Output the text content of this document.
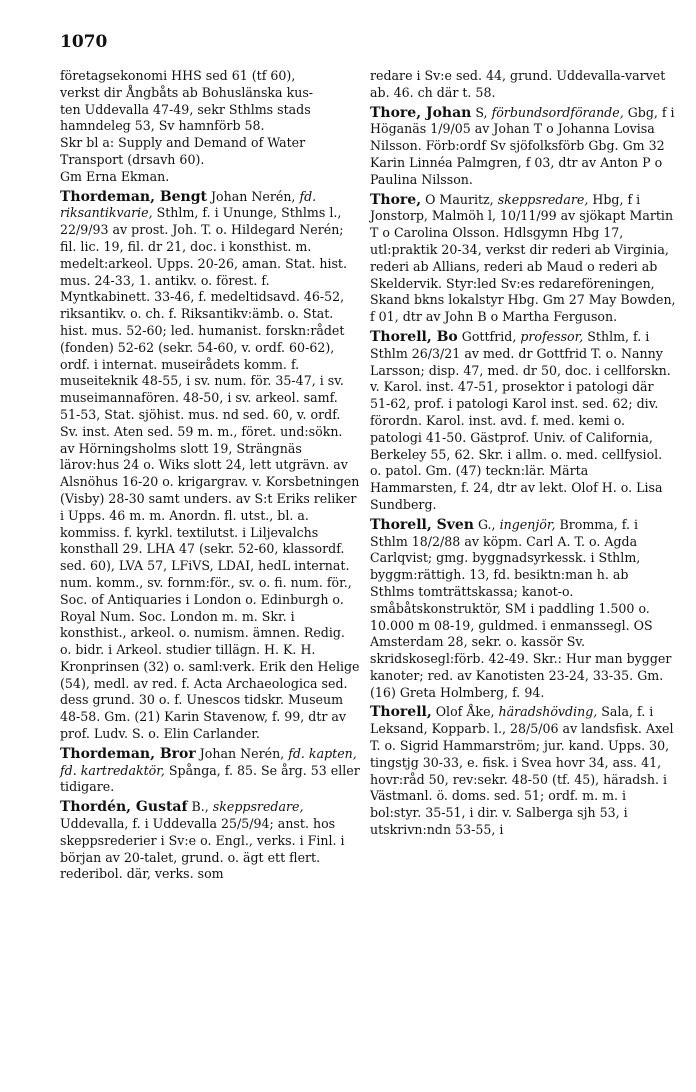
1070

företagsekonomi HHS sed 61 (tf 60),

verkst dir Ångbåts ab Bohuslänska kus-

ten Uddevalla 47-49, sekr Sthlms stads

hamndeleg 53, Sv hamnförb 58.

Skr bl a: Supply and Demand of Water

Transport (drsavh 60).

Gm Erna Ekman.

Thordeman, Bengt Johan Nerén, fd. riksantikvarie, Sthlm, f. i Ununge, Sthlms l., 22/9/93 av prost. Joh. T. o. Hildegard Nerén; fil. lic. 19, fil. dr 21, doc. i konsthist. m. medelt:arkeol. Upps. 20-26, aman. Stat. hist. mus. 24-33, 1. antikv. o. förest. f. Myntkabinett. 33-46, f. medeltidsavd. 46-52, riksantikv. o. ch. f. Riksantikv:ämb. o. Stat. hist. mus. 52-60; led. humanist. forskn:rådet (fonden) 52-62 (sekr. 54-60, v. ordf. 60-62), ordf. i internat. museirådets komm. f. museiteknik 48-55, i sv. num. för. 35-47, i sv. museimannafören. 48-50, i sv. arkeol. samf. 51-53, Stat. sjöhist. mus. nd sed. 60, v. ordf. Sv. inst. Aten sed. 59 m. m., föret. und:sökn. av Hörningsholms slott 19, Strängnäs lärov:hus 24 o. Wiks slott 24, lett utgrävn. av Alsnöhus 16-20 o. krigargrav. v. Korsbetningen (Visby) 28-30 samt unders. av S:t Eriks reliker i Upps. 46 m. m. Anordn. fl. utst., bl. a. kommiss. f. kyrkl. textilutst. i Liljevalchs konsthall 29. LHA 47 (sekr. 52-60, klassordf. sed. 60), LVA 57, LFiVS, LDAI, hedL internat. num. komm., sv. fornm:för., sv. o. fi. num. för., Soc. of Antiquaries i London o. Edinburgh o. Royal Num. Soc. London m. m. Skr. i konsthist., arkeol. o. numism. ämnen. Redig. o. bidr. i Arkeol. studier tillägn. H. K. H. Kronprinsen (32) o. saml:verk. Erik den Helige (54), medl. av red. f. Acta Archaeologica sed. dess grund. 30 o. f. Unescos tidskr. Museum 48-58. Gm. (21) Karin Stavenow, f. 99, dtr av prof. Ludv. S. o. Elin Carlander.
Thordeman, Bror Johan Nerén, fd. kapten, fd. kartredaktör, Spånga, f. 85. Se årg. 53 eller tidigare.
Thordén, Gustaf B., skeppsredare, Uddevalla, f. i Uddevalla 25/5/94; anst. hos skeppsrederier i Sv:e o. Engl., verks. i Finl. i början av 20-talet, grund. o. ägt ett flert. rederibol. där, verks. som
redare i Sv:e sed. 44, grund. Uddevalla-varvet ab. 46. ch där t. 58.
Thore, Johan S, förbundsordförande, Gbg, f i Höganäs 1/9/05 av Johan T o Johanna Lovisa Nilsson. Förb:ordf Sv sjöfolksförb Gbg. Gm 32 Karin Linnéa Palmgren, f 03, dtr av Anton P o Paulina Nilsson.
Thore, O Mauritz, skeppsredare, Hbg, f i Jonstorp, Malmöh l, 10/11/99 av sjökapt Martin T o Carolina Olsson. Hdlsgymn Hbg 17, utl:praktik 20-34, verkst dir rederi ab Virginia, rederi ab Allians, rederi ab Maud o rederi ab Skeldervik. Styr:led Sv:es redareföreningen, Skand bkns lokalstyr Hbg. Gm 27 May Bowden, f 01, dtr av John B o Martha Ferguson.
Thorell, Bo Gottfrid, professor, Sthlm, f. i Sthlm 26/3/21 av med. dr Gottfrid T. o. Nanny Larsson; disp. 47, med. dr 50, doc. i cellforskn. v. Karol. inst. 47-51, prosektor i patologi där 51-62, prof. i patologi Karol inst. sed. 62; div. förordn. Karol. inst. avd. f. med. kemi o. patologi 41-50. Gästprof. Univ. of California, Berkeley 55, 62. Skr. i allm. o. med. cellfysiol. o. patol. Gm. (47) teckn:lär. Märta Hammarsten, f. 24, dtr av lekt. Olof H. o. Lisa Sundberg.
Thorell, Sven G., ingenjör, Bromma, f. i Sthlm 18/2/88 av köpm. Carl A. T. o. Agda Carlqvist; gmg. byggnadsyrkessk. i Sthlm, byggm:rättigh. 13, fd. besiktn:man h. ab Sthlms tomträttskassa; kanot-o. småbåtskonstruktör, SM i paddling 1.500 o. 10.000 m 08-19, guldmed. i enmanssegl. OS Amsterdam 28, sekr. o. kassör Sv. skridskosegl:förb. 42-49. Skr.: Hur man bygger kanoter; red. av Kanotisten 23-24, 33-35. Gm. (16) Greta Holmberg, f. 94.
Thorell, Olof Åke, häradshövding, Sala, f. i Leksand, Kopparb. l., 28/5/06 av landsfisk. Axel T. o. Sigrid Hammarström; jur. kand. Upps. 30, tingstjg 30-33, e. fisk. i Svea hovr 34, ass. 41, hovr:råd 50, rev:sekr. 48-50 (tf. 45), häradsh. i Västmanl. ö. doms. sed. 51; ordf. m. m. i bol:styr. 35-51, i dir. v. Salberga sjh 53, i utskrivn:ndn 53-55, i
